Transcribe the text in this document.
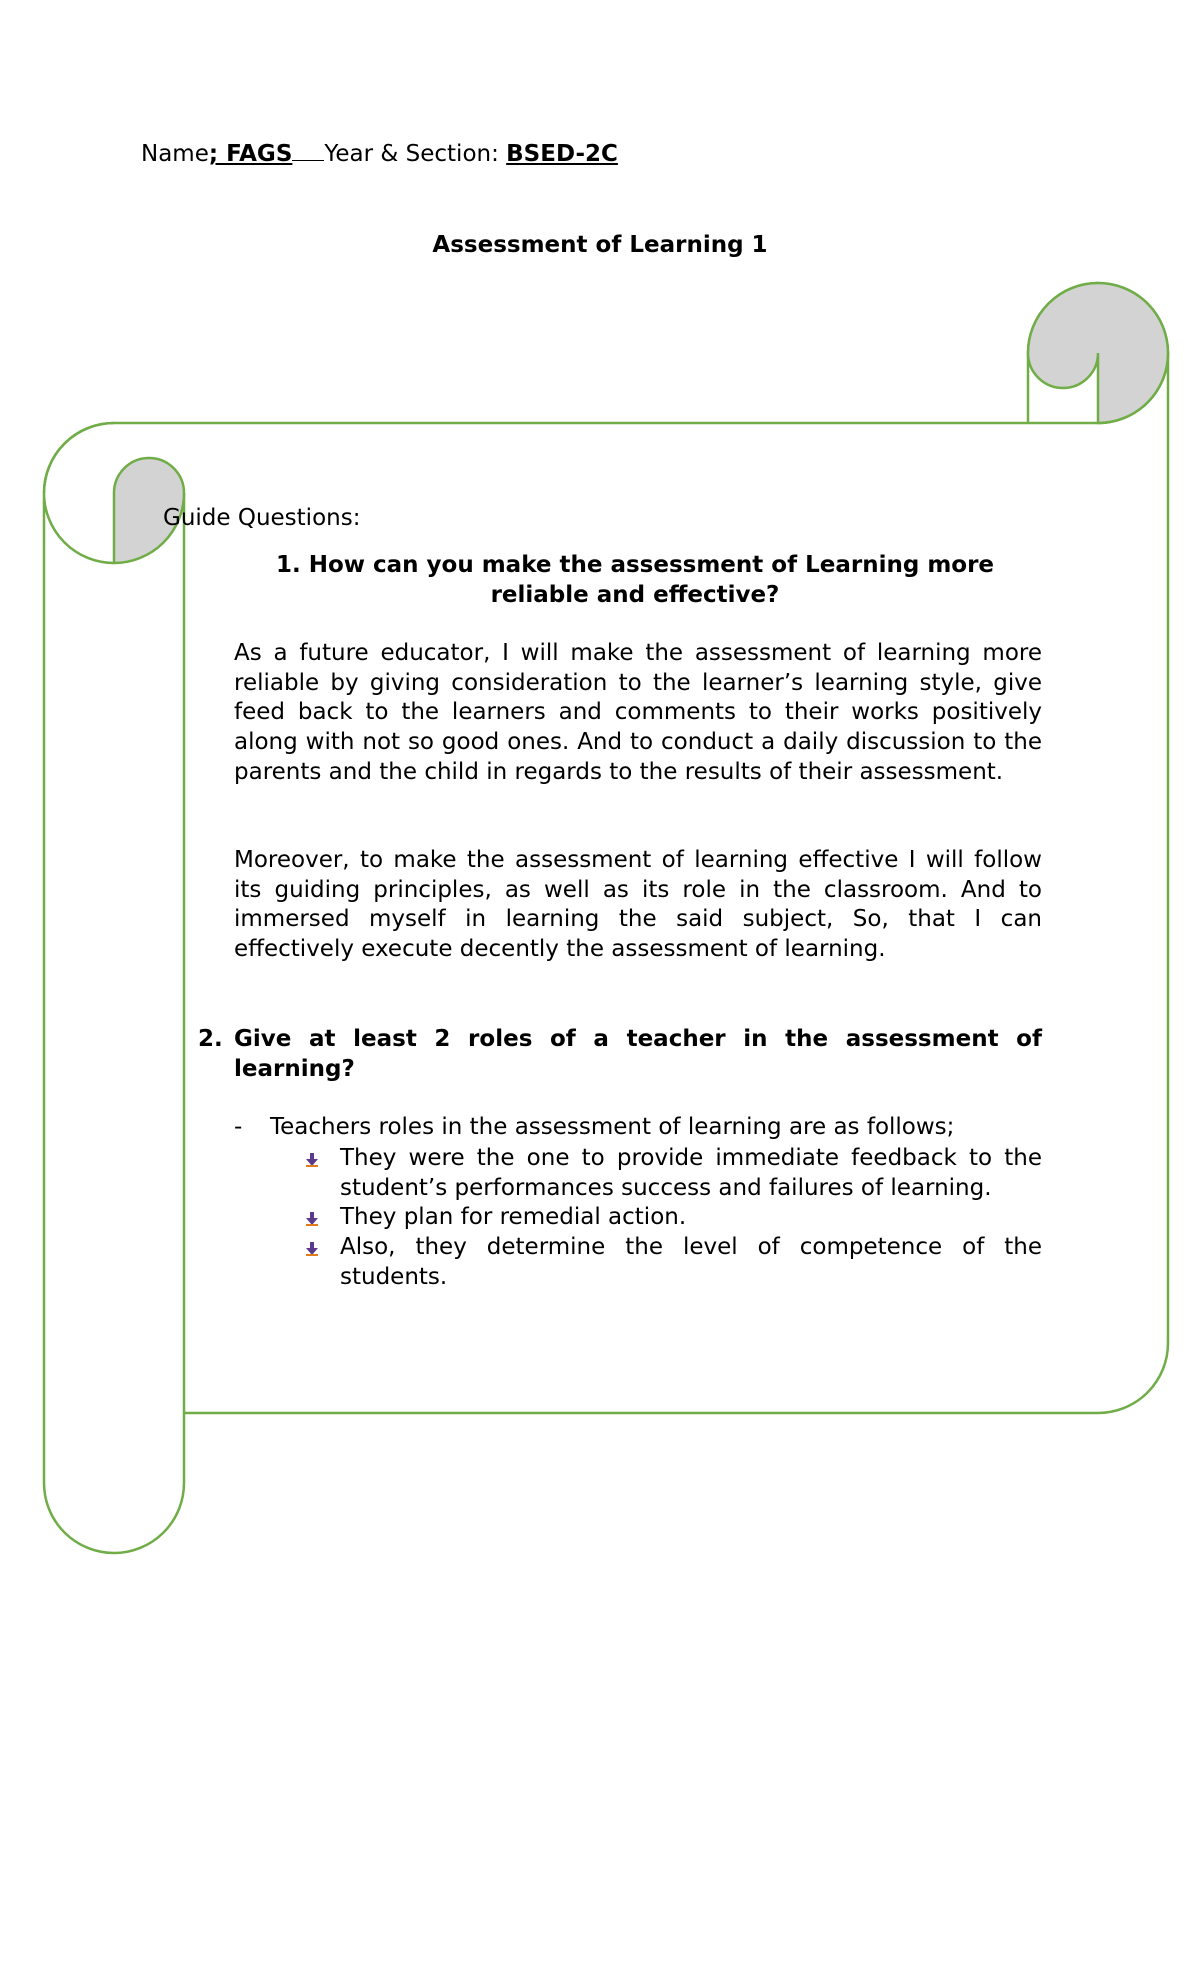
Name; FAGS Year & Section: BSED-2C
Assessment of Learning 1
Guide Questions:
1. How can you make the assessment of Learning more reliable and effective?
As a future educator, I will make the assessment of learning more reliable by giving consideration to the learner’s learning style, give feed back to the learners and comments to their works positively along with not so good ones. And to conduct a daily discussion to the parents and the child in regards to the results of their assessment.
Moreover, to make the assessment of learning effective I will follow its guiding principles, as well as its role in the classroom. And to immersed myself in learning the said subject, So, that I can effectively execute decently the assessment of learning.
2. Give at least 2 roles of a teacher in the assessment of learning?
- Teachers roles in the assessment of learning are as follows;
They were the one to provide immediate feedback to the student’s performances success and failures of learning.
They plan for remedial action.
Also, they determine the level of competence of the students.
